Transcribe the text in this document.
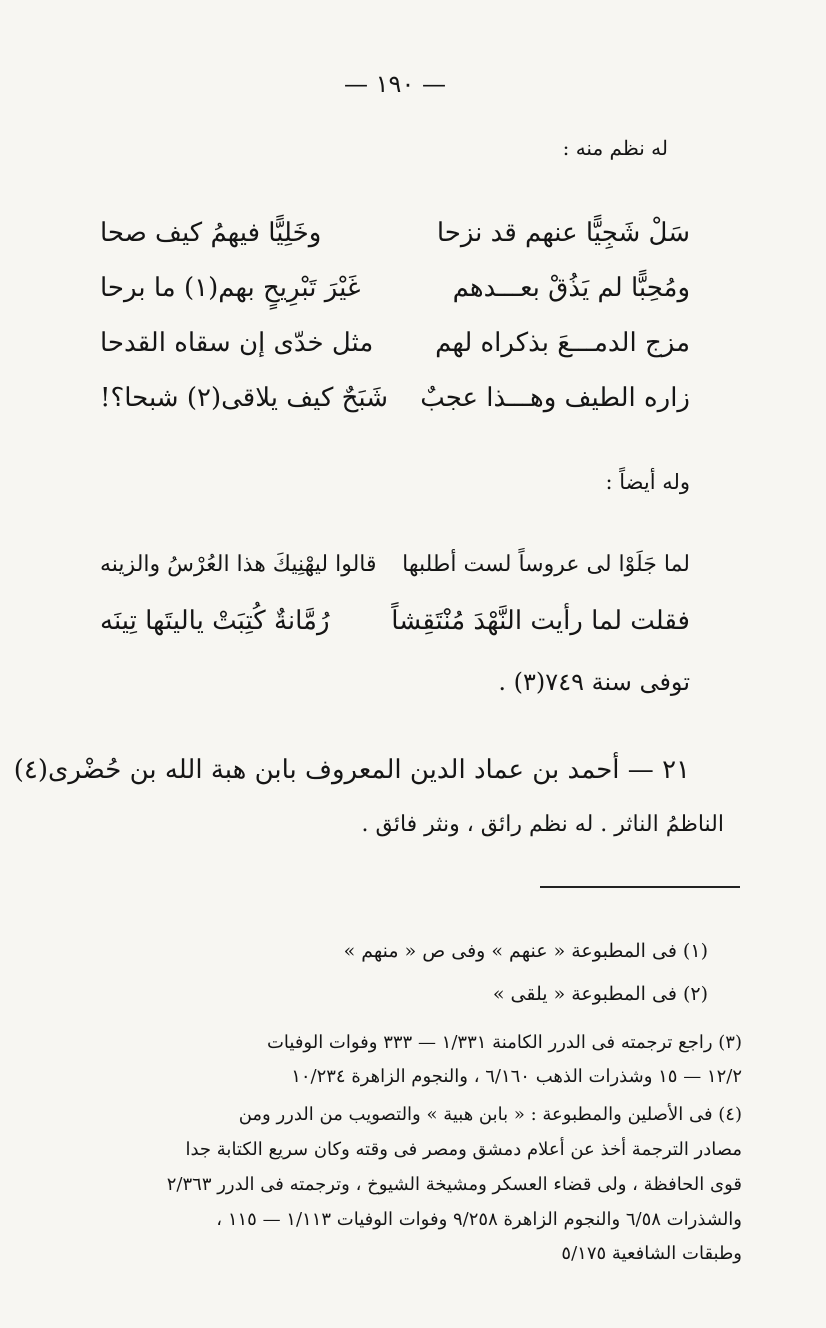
— ١٩٠ —
له نظم منه :
سَلْ شَجِيًّا عنهم قد نزحا
وخَلِيًّا فيهمُ كيف صحا
ومُحِبًّا لم يَذُقْ بعـــدهم
غَيْرَ تَبْرِيحٍ بهم(١) ما برحا
مزج الدمـــعَ بذكراه لهم
مثل خدّى إن سقاه القدحا
زاره الطيف وهـــذا عجبٌ
شَبَحٌ كيف يلاقى(٢) شبحا؟!
وله أيضاً :
لما جَلَوْا لى عروساً لست أطلبها
قالوا ليهْنِيكَ هذا العُرْسُ والزينه
فقلت لما رأيت النَّهْدَ مُنْتَقِشاً
رُمَّانةٌ كُتِبَتْ ياليتَها تِينَه
توفى سنة ٧٤٩(٣) .
٢١ — أحمد بن عماد الدين المعروف بابن هبة الله بن حُضْرى(٤)
الناظمُ الناثر . له نظم رائق ، ونثر فائق .
(١) فى المطبوعة « عنهم » وفى ص « منهم »
(٢) فى المطبوعة « يلقى »
(٣) راجع ترجمته فى الدرر الكامنة ١/٣٣١ — ٣٣٣ وفوات الوفيات
١٢/٢ — ١٥ وشذرات الذهب ٦/١٦٠ ، والنجوم الزاهرة ١٠/٢٣٤
(٤) فى الأصلين والمطبوعة : « بابن هبية » والتصويب من الدرر ومن
مصادر الترجمة أخذ عن أعلام دمشق ومصر فى وقته وكان سريع الكتابة جدا
قوى الحافظة ، ولى قضاء العسكر ومشيخة الشيوخ ، وترجمته فى الدرر ٢/٣٦٣
والشذرات ٦/٥٨ والنجوم الزاهرة ٩/٢٥٨ وفوات الوفيات ١/١١٣ — ١١٥ ،
وطبقات الشافعية ٥/١٧٥
